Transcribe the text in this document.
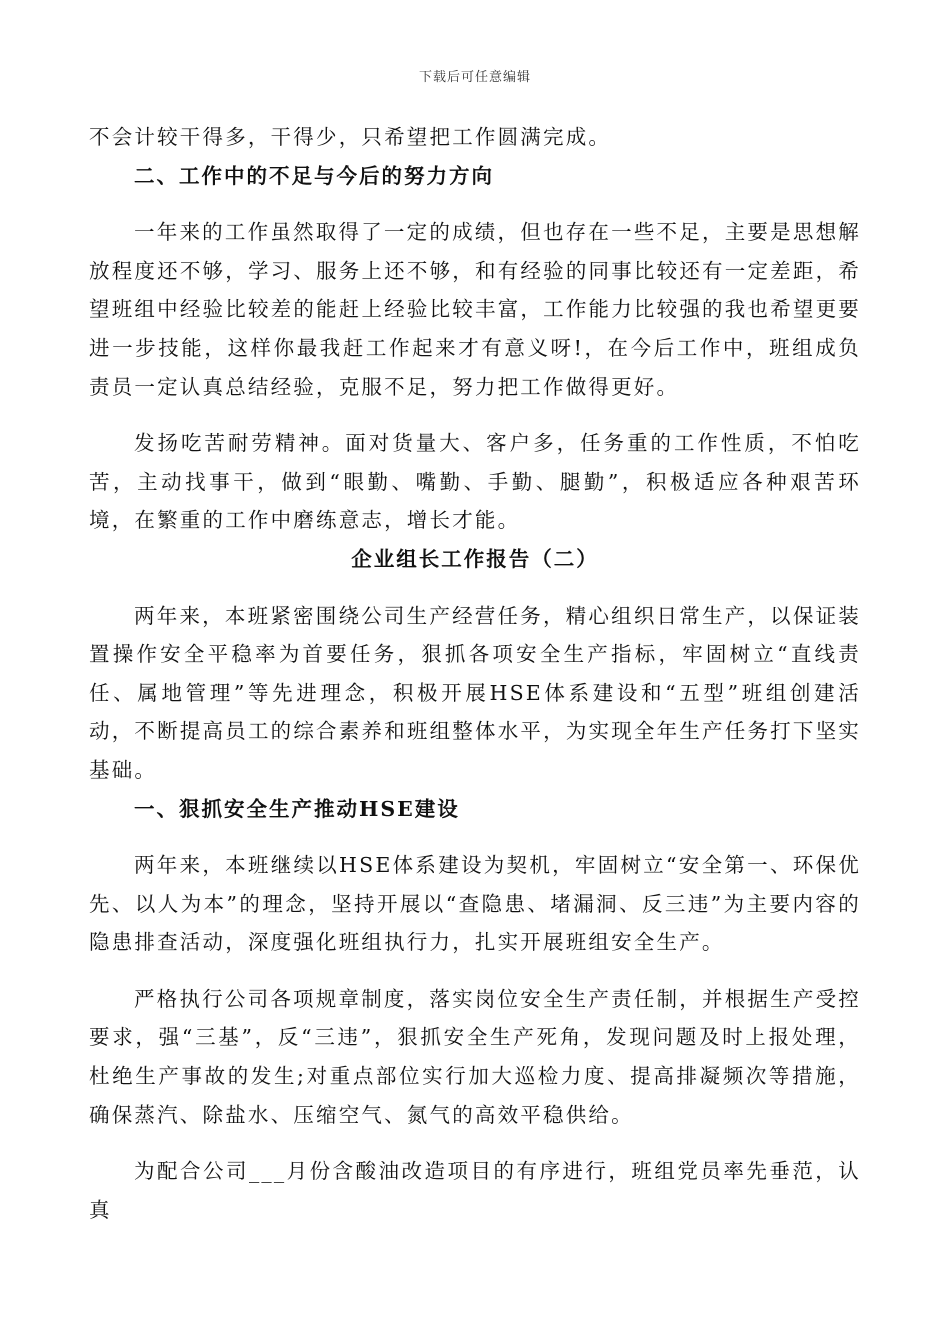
下载后可任意编辑

不会计较干得多，干得少，只希望把工作圆满完成。

二、工作中的不足与今后的努力方向

一年来的工作虽然取得了一定的成绩，但也存在一些不足，主要是思想解放程度还不够，学习、服务上还不够，和有经验的同事比较还有一定差距，希望班组中经验比较差的能赶上经验比较丰富，工作能力比较强的我也希望更要进一步技能，这样你最我赶工作起来才有意义呀!，在今后工作中，班组成负责员一定认真总结经验，克服不足，努力把工作做得更好。

发扬吃苦耐劳精神。面对货量大、客户多，任务重的工作性质，不怕吃苦，主动找事干，做到“眼勤、嘴勤、手勤、腿勤”，积极适应各种艰苦环境，在繁重的工作中磨练意志，增长才能。

企业组长工作报告（二）

两年来，本班紧密围绕公司生产经营任务，精心组织日常生产，以保证装置操作安全平稳率为首要任务，狠抓各项安全生产指标，牢固树立“直线责任、属地管理”等先进理念，积极开展HSE体系建设和“五型”班组创建活动，不断提高员工的综合素养和班组整体水平，为实现全年生产任务打下坚实基础。

一、狠抓安全生产推动HSE建设

两年来，本班继续以HSE体系建设为契机，牢固树立“安全第一、环保优先、以人为本”的理念，坚持开展以“查隐患、堵漏洞、反三违”为主要内容的隐患排查活动，深度强化班组执行力，扎实开展班组安全生产。

严格执行公司各项规章制度，落实岗位安全生产责任制，并根据生产受控要求，强“三基”，反“三违”，狠抓安全生产死角，发现问题及时上报处理，杜绝生产事故的发生;对重点部位实行加大巡检力度、提高排凝频次等措施，确保蒸汽、除盐水、压缩空气、氮气的高效平稳供给。

为配合公司___月份含酸油改造项目的有序进行，班组党员率先垂范，认真
